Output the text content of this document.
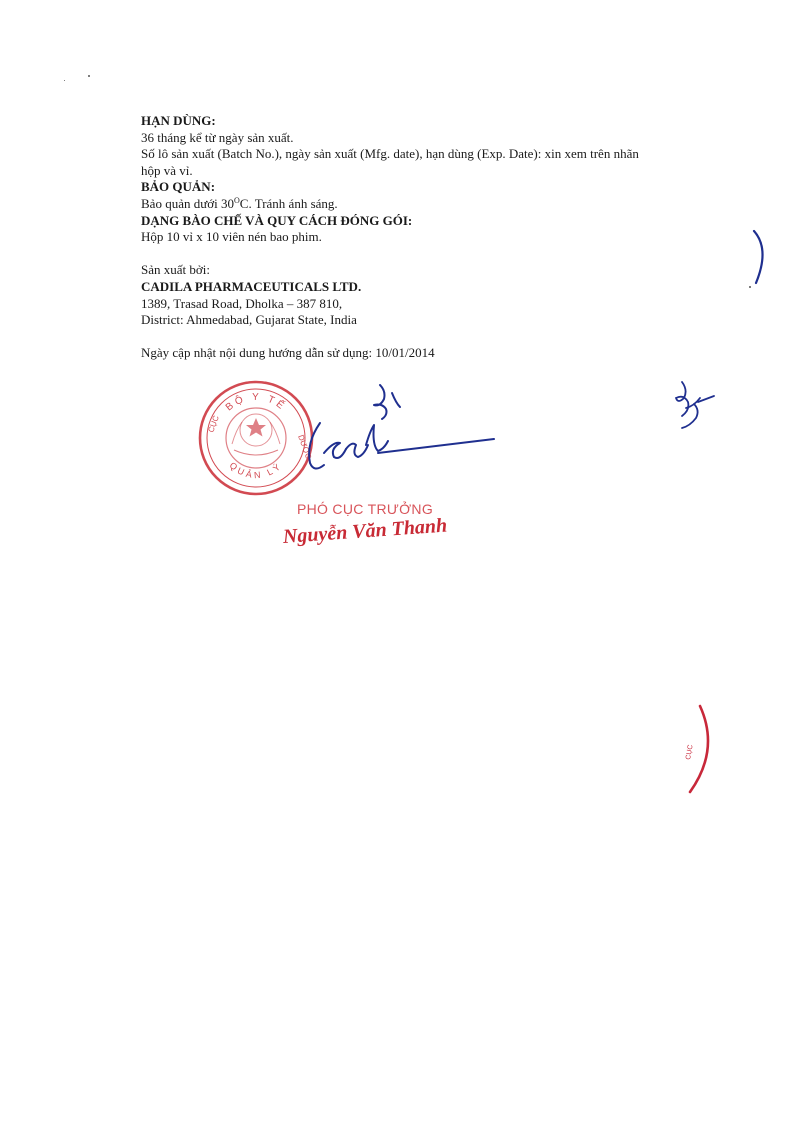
HẠN DÙNG:

36 tháng kể từ ngày sản xuất.

Số lô sản xuất (Batch No.), ngày sản xuất (Mfg. date), hạn dùng (Exp. Date): xin xem trên nhãn

hộp và vỉ.

BẢO QUẢN:

Bảo quản dưới $30^OC$. Tránh ánh sáng.

DẠNG BÀO CHẾ VÀ QUY CÁCH ĐÓNG GÓI:

Hộp 10 vỉ x 10 viên nén bao phim.

Sản xuất bởi:

CADILA PHARMACEUTICALS LTD.

1389, Trasad Road, Dholka – 387 810,

District: Ahmedabad, Gujarat State, India

Ngày cập nhật nội dung hướng dẫn sử dụng: 10/01/2014

BỘ Y TẾ
QUẢN LÝ
CỤC
DƯỢC
CỤC
PHÓ CỤC TRƯỞNG
Nguyễn Văn Thanh
